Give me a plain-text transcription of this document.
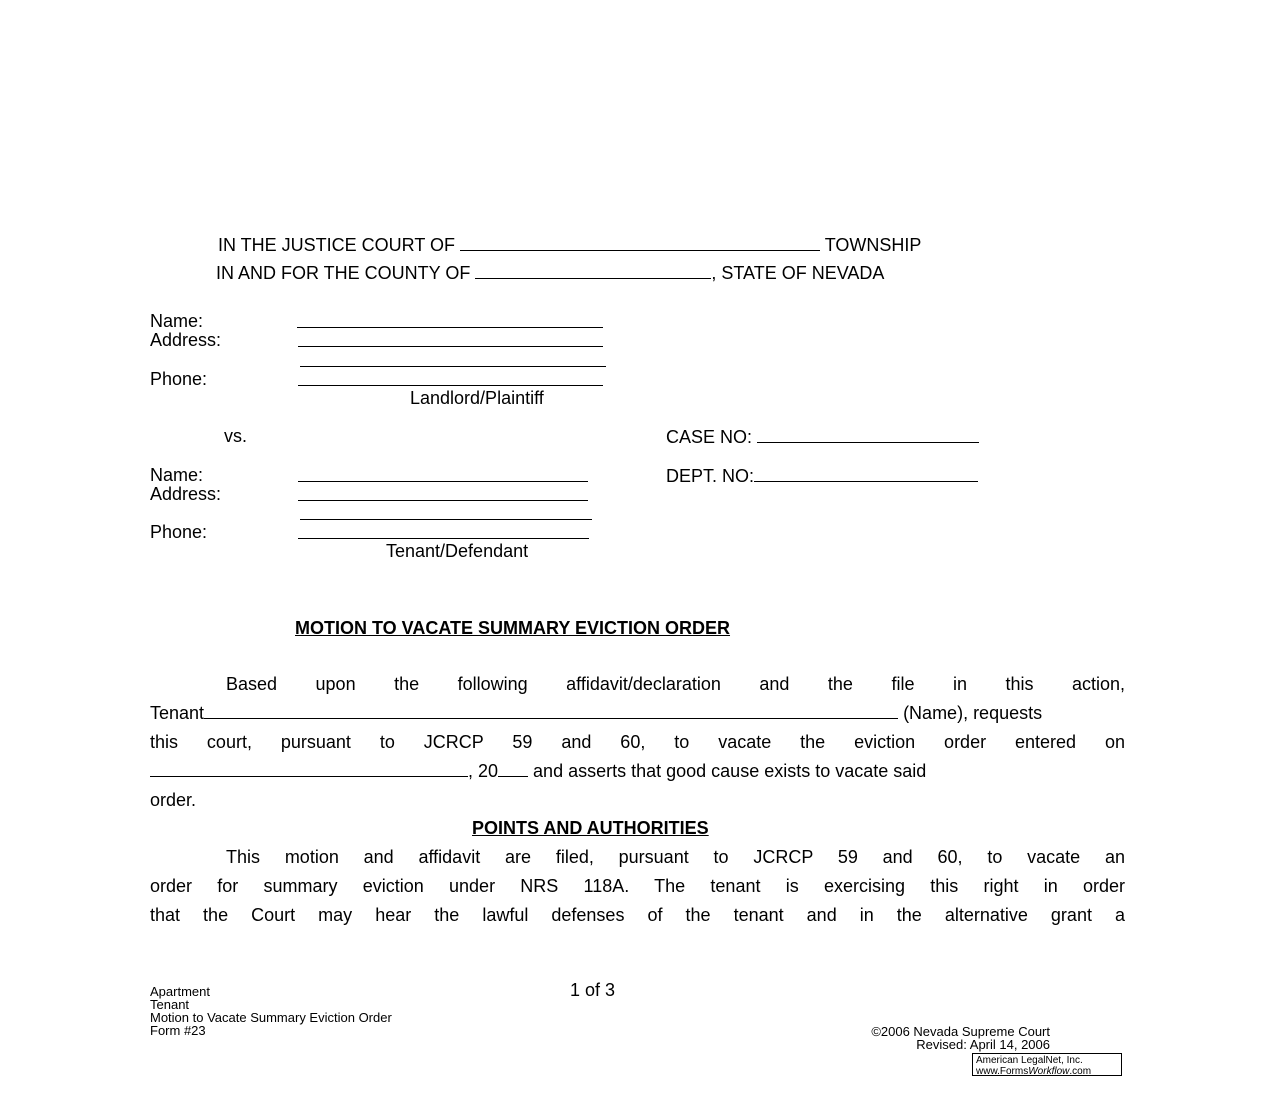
IN THE JUSTICE COURT OF	TOWNSHIP
IN AND FOR THE COUNTY OF	, STATE OF NEVADA
Name:
Address:
Phone:
Landlord/Plaintiff
vs.	CASE NO:
DEPT. NO:
Name:
Address:
Phone:
Tenant/Defendant
MOTION TO VACATE SUMMARY EVICTION ORDER
Based upon the following affidavit/declaration and the file in this action,
Tenant	(Name), requests
this court, pursuant to JCRCP 59 and 60, to vacate the eviction order entered on
, 20 and asserts that good cause exists to vacate said
order.
POINTS AND AUTHORITIES
This motion and affidavit are filed, pursuant to JCRCP 59 and 60, to vacate an
order for summary eviction under NRS 118A. The tenant is exercising this right in order
that the Court may hear the lawful defenses of the tenant and in the alternative grant a
Apartment
Tenant
Motion to Vacate Summary Eviction Order
Form #23
1 of 3
©2006 Nevada Supreme Court
Revised: April 14, 2006
American LegalNet, Inc.
www.FormsWorkflow.com
